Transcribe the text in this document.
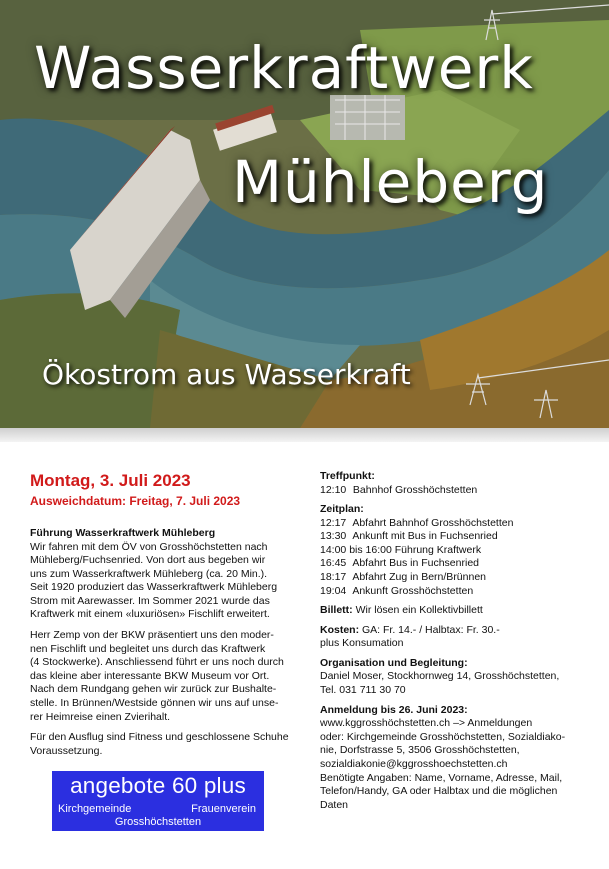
Wasserkraftwerk
Mühleberg
Ökostrom aus Wasserkraft

Montag, 3. Juli 2023

Ausweichdatum: Freitag, 7. Juli 2023

Führung Wasserkraftwerk Mühleberg

Wir fahren mit dem ÖV von Grosshöchstetten nach
Mühleberg/Fuchsenried. Von dort aus begeben wir
uns zum Wasserkraftwerk Mühleberg (ca. 20 Min.).
Seit 1920 produziert das Wasserkraftwerk Mühleberg
Strom mit Aarewasser. Im Sommer 2021 wurde das
Kraftwerk mit einem «luxuriösen» Fischlift erweitert.
Herr Zemp von der BKW präsentiert uns den moder-
nen Fischlift und begleitet uns durch das Kraftwerk
(4 Stockwerke). Anschliessend führt er uns noch durch
das kleine aber interessante BKW Museum vor Ort.
Nach dem Rundgang gehen wir zurück zur Bushalte-
stelle. In Brünnen/Westside gönnen wir uns auf unse-
rer Heimreise einen Zvierihalt.
Für den Ausflug sind Fitness und geschlossene Schuhe
Voraussetzung.
angebote 60 plus
Kirchgemeinde	Frauenverein
Grosshöchstetten
Treffpunkt:
12:10 Bahnhof Grosshöchstetten
Zeitplan:
12:17 Abfahrt Bahnhof Grosshöchstetten
13:30 Ankunft mit Bus in Fuchsenried
14:00 bis 16:00 Führung Kraftwerk
16:45 Abfahrt Bus in Fuchsenried
18:17 Abfahrt Zug in Bern/Brünnen
19:04 Ankunft Grosshöchstetten
Billett: Wir lösen ein Kollektivbillett
Kosten: GA: Fr. 14.- / Halbtax: Fr. 30.-
plus Konsumation
Organisation und Begleitung:
Daniel Moser, Stockhornweg 14, Grosshöchstetten,
Tel. 031 711 30 70
Anmeldung bis 26. Juni 2023:
www.kggrosshöchstetten.ch –> Anmeldungen
oder: Kirchgemeinde Grosshöchstetten, Sozialdiako-
nie, Dorfstrasse 5, 3506 Grosshöchstetten,
sozialdiakonie@kggrosshoechstetten.ch
Benötigte Angaben: Name, Vorname, Adresse, Mail,
Telefon/Handy, GA oder Halbtax und die möglichen
Daten
